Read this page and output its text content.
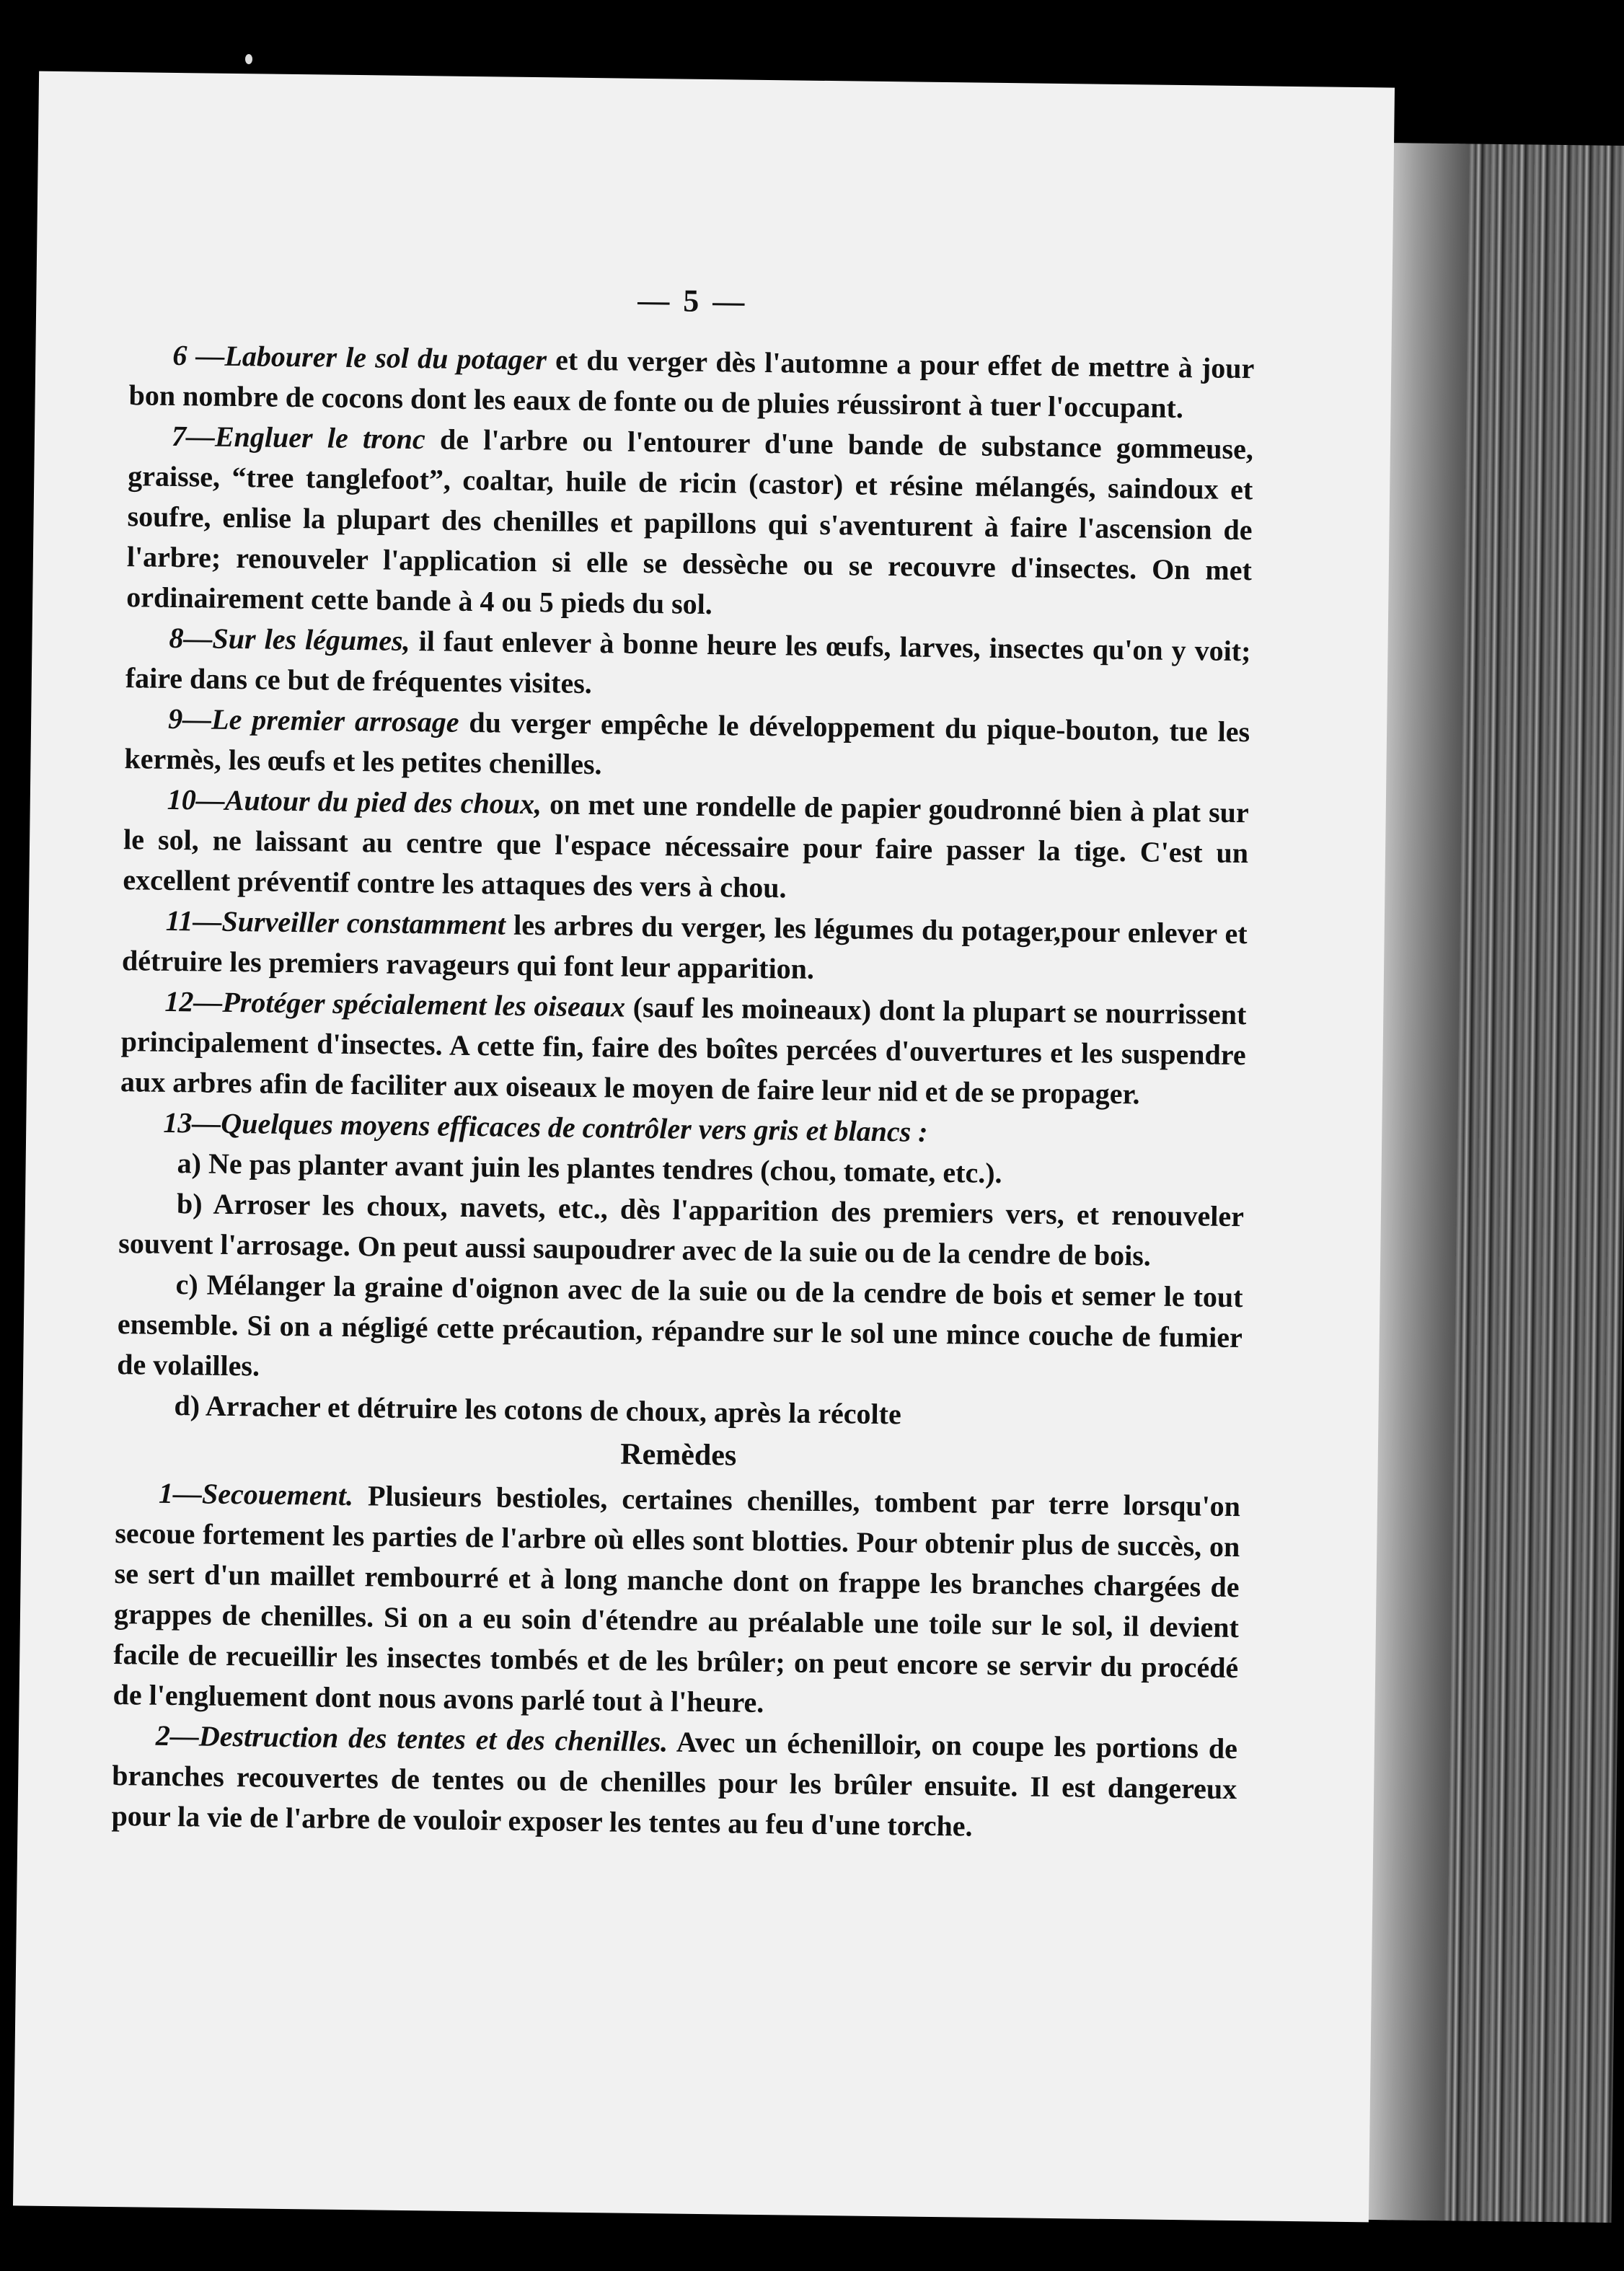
— 5 —

6 —Labourer le sol du potager et du verger dès l'automne a pour effet de mettre à jour bon nombre de cocons dont les eaux de fonte ou de pluies réussiront à tuer l'occupant.

7—Engluer le tronc de l'arbre ou l'entourer d'une bande de substance gommeuse, graisse, “tree tanglefoot”, coaltar, huile de ricin (castor) et résine mélangés, saindoux et soufre, enlise la plupart des chenilles et papillons qui s'aventurent à faire l'ascension de l'arbre; renouveler l'application si elle se dessèche ou se recouvre d'insectes. On met ordinairement cette bande à 4 ou 5 pieds du sol.

8—Sur les légumes, il faut enlever à bonne heure les œufs, larves, insectes qu'on y voit; faire dans ce but de fréquentes visites.

9—Le premier arrosage du verger empêche le développement du pique-bouton, tue les kermès, les œufs et les petites chenilles.

10—Autour du pied des choux, on met une rondelle de papier goudronné bien à plat sur le sol, ne laissant au centre que l'espace nécessaire pour faire passer la tige. C'est un excellent préventif contre les attaques des vers à chou.

11—Surveiller constamment les arbres du verger, les légumes du potager,pour enlever et détruire les premiers ravageurs qui font leur apparition.

12—Protéger spécialement les oiseaux (sauf les moineaux) dont la plupart se nourrissent principalement d'insectes. A cette fin, faire des boîtes percées d'ouvertures et les suspendre aux arbres afin de faciliter aux oiseaux le moyen de faire leur nid et de se propager.

13—Quelques moyens efficaces de contrôler vers gris et blancs :

a) Ne pas planter avant juin les plantes tendres (chou, tomate, etc.).

b) Arroser les choux, navets, etc., dès l'apparition des premiers vers, et renouveler souvent l'arrosage. On peut aussi saupoudrer avec de la suie ou de la cendre de bois.

c) Mélanger la graine d'oignon avec de la suie ou de la cendre de bois et semer le tout ensemble. Si on a négligé cette précaution, répandre sur le sol une mince couche de fumier de volailles.

d) Arracher et détruire les cotons de choux, après la récolte

Remèdes

1—Secouement. Plusieurs bestioles, certaines chenilles, tombent par terre lorsqu'on secoue fortement les parties de l'arbre où elles sont blotties. Pour obtenir plus de succès, on se sert d'un maillet rembourré et à long manche dont on frappe les branches chargées de grappes de chenilles. Si on a eu soin d'étendre au préalable une toile sur le sol, il devient facile de recueillir les insectes tombés et de les brûler; on peut encore se servir du procédé de l'engluement dont nous avons parlé tout à l'heure.

2—Destruction des tentes et des chenilles. Avec un échenilloir, on coupe les portions de branches recouvertes de tentes ou de chenilles pour les brûler ensuite. Il est dangereux pour la vie de l'arbre de vouloir exposer les tentes au feu d'une torche.
